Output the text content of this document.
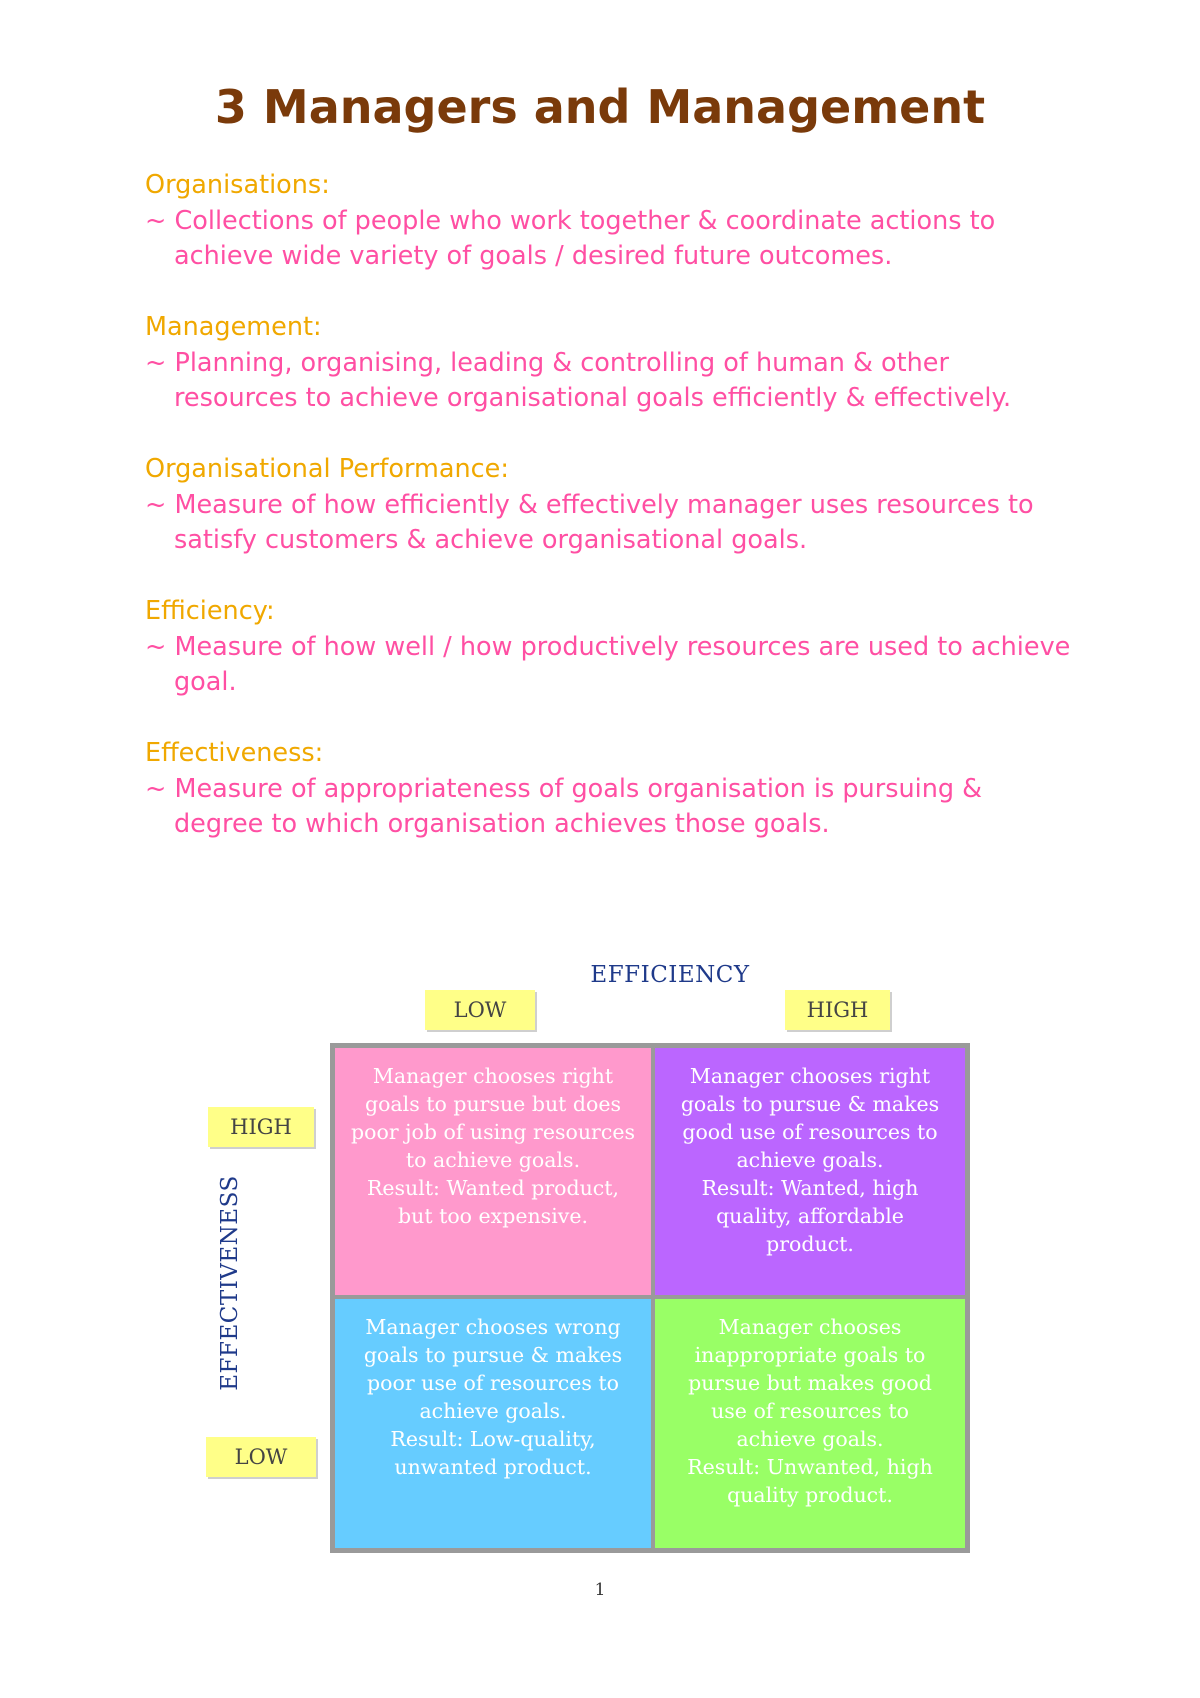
3 Managers and Management
Organisations:
~ Collections of people who work together & coordinate actions to achieve wide variety of goals / desired future outcomes.
Management:
~ Planning, organising, leading & controlling of human & other resources to achieve organisational goals efficiently & effectively.
Organisational Performance:
~ Measure of how efficiently & effectively manager uses resources to satisfy customers & achieve organisational goals.
Efficiency:
~ Measure of how well / how productively resources are used to achieve goal.
Effectiveness:
~ Measure of appropriateness of goals organisation is pursuing & degree to which organisation achieves those goals.
EFFICIENCY
LOW	HIGH
EFFECTIVENESS
HIGH
LOW
Manager chooses right goals to pursue but does poor job of using resources to achieve goals.
Result: Wanted product, but too expensive.
Manager chooses right goals to pursue & makes good use of resources to achieve goals.
Result: Wanted, high quality, affordable product.
Manager chooses wrong goals to pursue & makes poor use of resources to achieve goals.
Result: Low-quality, unwanted product.
Manager chooses inappropriate goals to pursue but makes good use of resources to achieve goals.
Result: Unwanted, high quality product.
1
